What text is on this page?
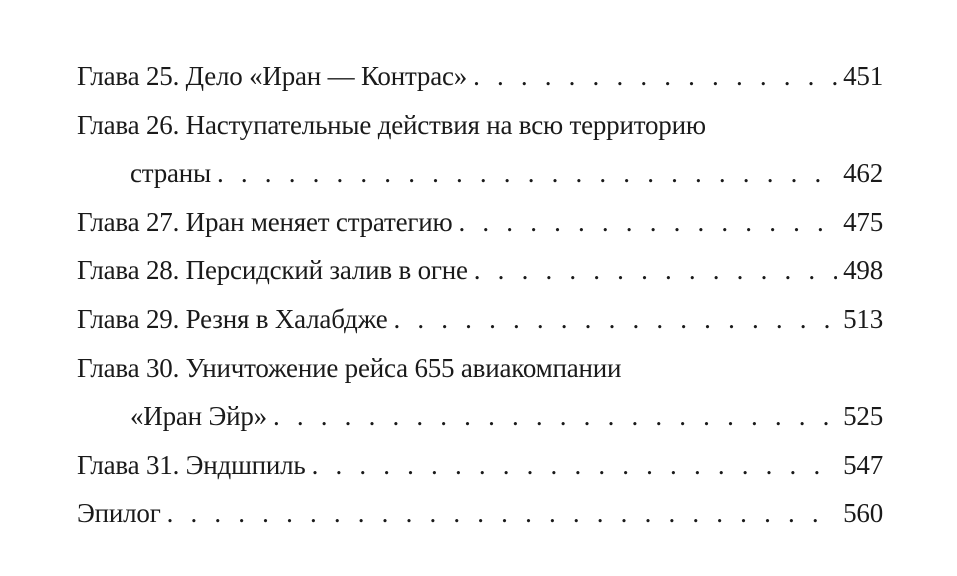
Глава 25. Дело «Иран — Контрас» . . .	451
Глава 26. Наступательные действия на всю территорию
страны . . .	462
Глава 27. Иран меняет стратегию . . .	475
Глава 28. Персидский залив в огне . . .	498
Глава 29. Резня в Халабдже . . .	513
Глава 30. Уничтожение рейса 655 авиакомпании
«Иран Эйр» . . .	525
Глава 31. Эндшпиль . . .	547
Эпилог . . .	560
